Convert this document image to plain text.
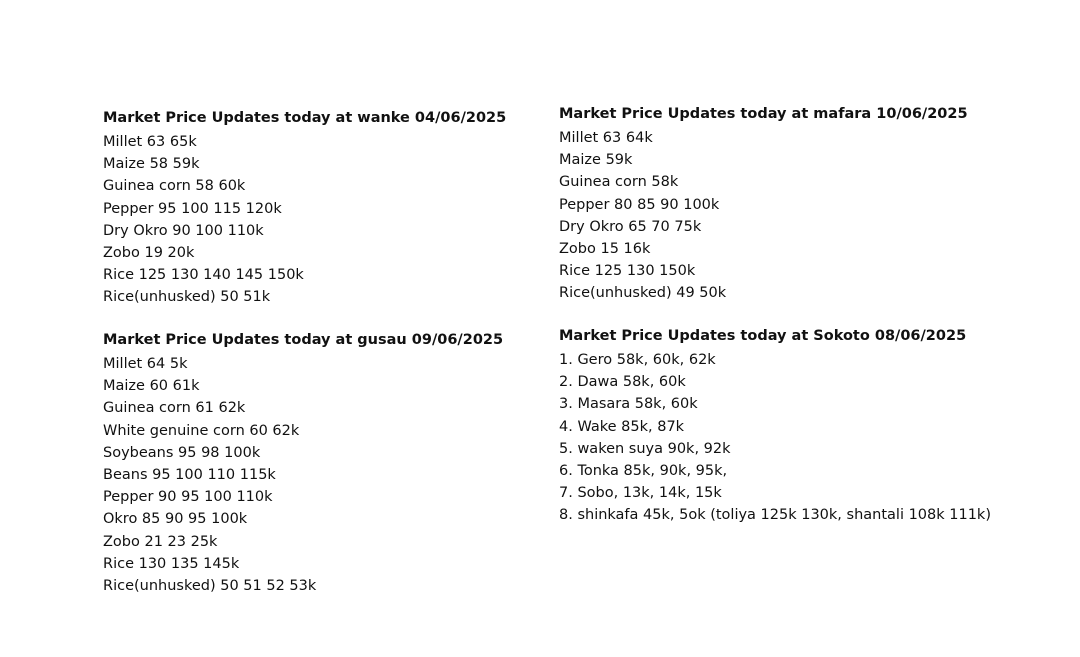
Market Price Updates today at wanke 04/06/2025
Millet 63 65k
Maize 58 59k
Guinea corn 58 60k
Pepper 95 100 115 120k
Dry Okro 90 100 110k
Zobo 19 20k
Rice 125 130 140 145 150k
Rice(unhusked) 50 51k
Market Price Updates today at mafara 10/06/2025
Millet 63 64k
Maize 59k
Guinea corn 58k
Pepper 80 85 90 100k
Dry Okro 65 70 75k
Zobo 15 16k
Rice 125 130 150k
Rice(unhusked) 49 50k
Market Price Updates today at gusau 09/06/2025
Millet 64 5k
Maize 60 61k
Guinea corn 61 62k
White genuine corn 60 62k
Soybeans 95 98 100k
Beans 95 100 110 115k
Pepper 90 95 100 110k
Okro 85 90 95 100k
Zobo 21 23 25k
Rice 130 135 145k
Rice(unhusked) 50 51 52 53k
Market Price Updates today at Sokoto 08/06/2025
1. Gero 58k, 60k, 62k
2. Dawa 58k, 60k
3. Masara 58k, 60k
4. Wake 85k, 87k
5. waken suya 90k, 92k
6. Tonka 85k, 90k, 95k,
7. Sobo, 13k, 14k, 15k
8. shinkafa 45k, 5ok (toliya 125k 130k, shantali 108k 111k)
